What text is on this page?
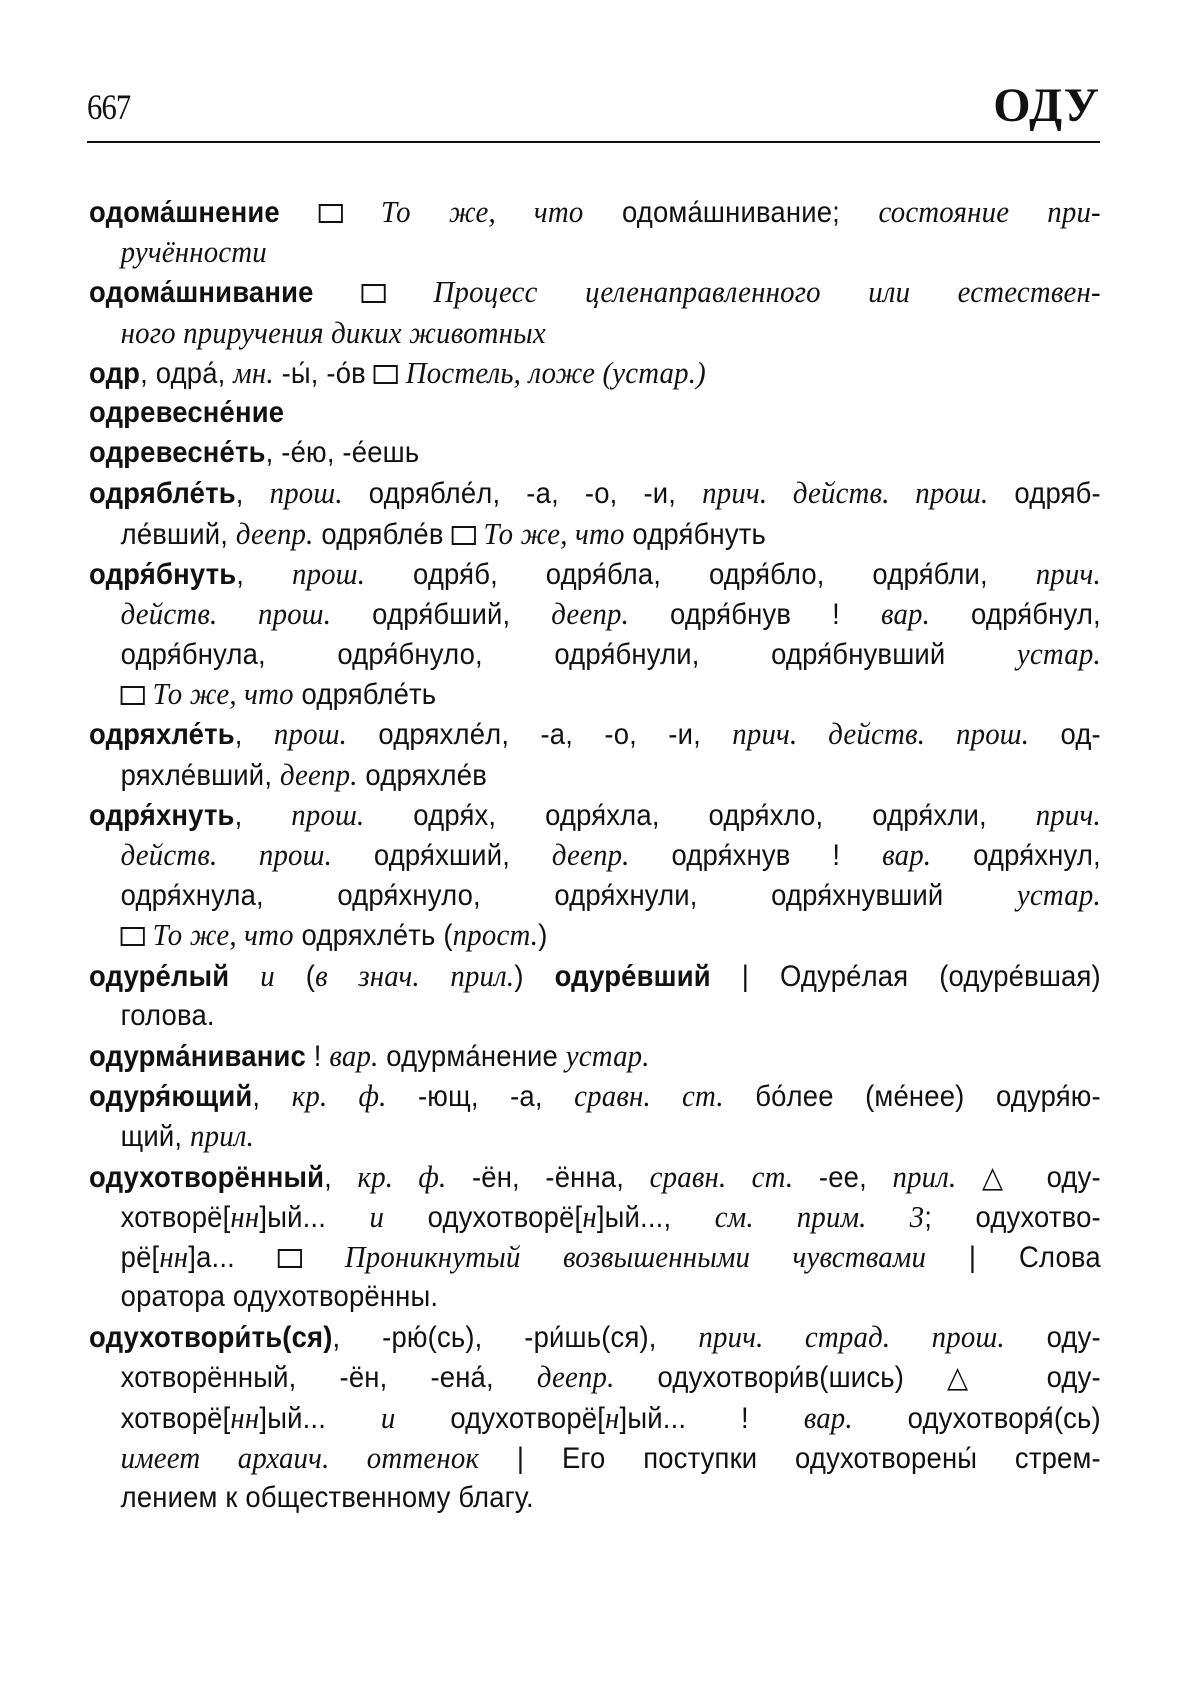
667	ОДУ
одома́шнение	То же, что одома́шнивание; состояние при-
ручённости
одома́шнивание	Процесс целенаправленного или естествен-
ного приручения диких животных
одр, одра́, мн. -ы́, -о́в  Постель, ложе (устар.)
одревесне́ние
одревесне́ть, -е́ю, -е́ешь
одрябле́ть, прош. одрябле́л, -а, -о, -и, прич. действ. прош. одряб-
ле́вший, деепр. одрябле́в  То же, что одря́бнуть
одря́бнуть, прош. одря́б, одря́бла, одря́бло, одря́бли, прич.
действ. прош. одря́бший, деепр. одря́бнув ! вар. одря́бнул,
одря́бнула, одря́бнуло, одря́бнули, одря́бнувший устар.
То же, что одрябле́ть
одряхле́ть, прош. одряхле́л, -а, -о, -и, прич. действ. прош. од-
ряхле́вший, деепр. одряхле́в
одря́хнуть, прош. одря́х, одря́хла, одря́хло, одря́хли, прич.
действ. прош. одря́хший, деепр. одря́хнув ! вар. одря́хнул,
одря́хнула, одря́хнуло, одря́хнули, одря́хнувший устар.
То же, что одряхле́ть (прост.)
одуре́лый и (в знач. прил.) одуре́вший | Одуре́лая (одуре́вшая)
голова.
одурма́ниванис ! вар. одурма́нение устар.
одуря́ющий, кр. ф. -ющ, -а, сравн. ст. бо́лее (ме́нее) одуря́ю-
щий, прил.
одухотворённый, кр. ф. -ён, -ённа, сравн. ст. -ее, прил. △ оду-
хотворё[нн]ый... и одухотворё[н]ый..., см. прим. 3; одухотво-
рё[нн]а...  Проникнутый возвышенными чувствами | Слова
оратора одухотворённы.
одухотвори́ть(ся), -рю́(сь), -ри́шь(ся), прич. страд. прош. оду-
хотворённый, -ён, -ена́, деепр. одухотвори́в(шись) △ оду-
хотворё[нн]ый... и одухотворё[н]ый... ! вар. одухотворя́(сь)
имеет архаич. оттенок | Его поступки одухотворены́ стрем-
лением к общественному благу.
